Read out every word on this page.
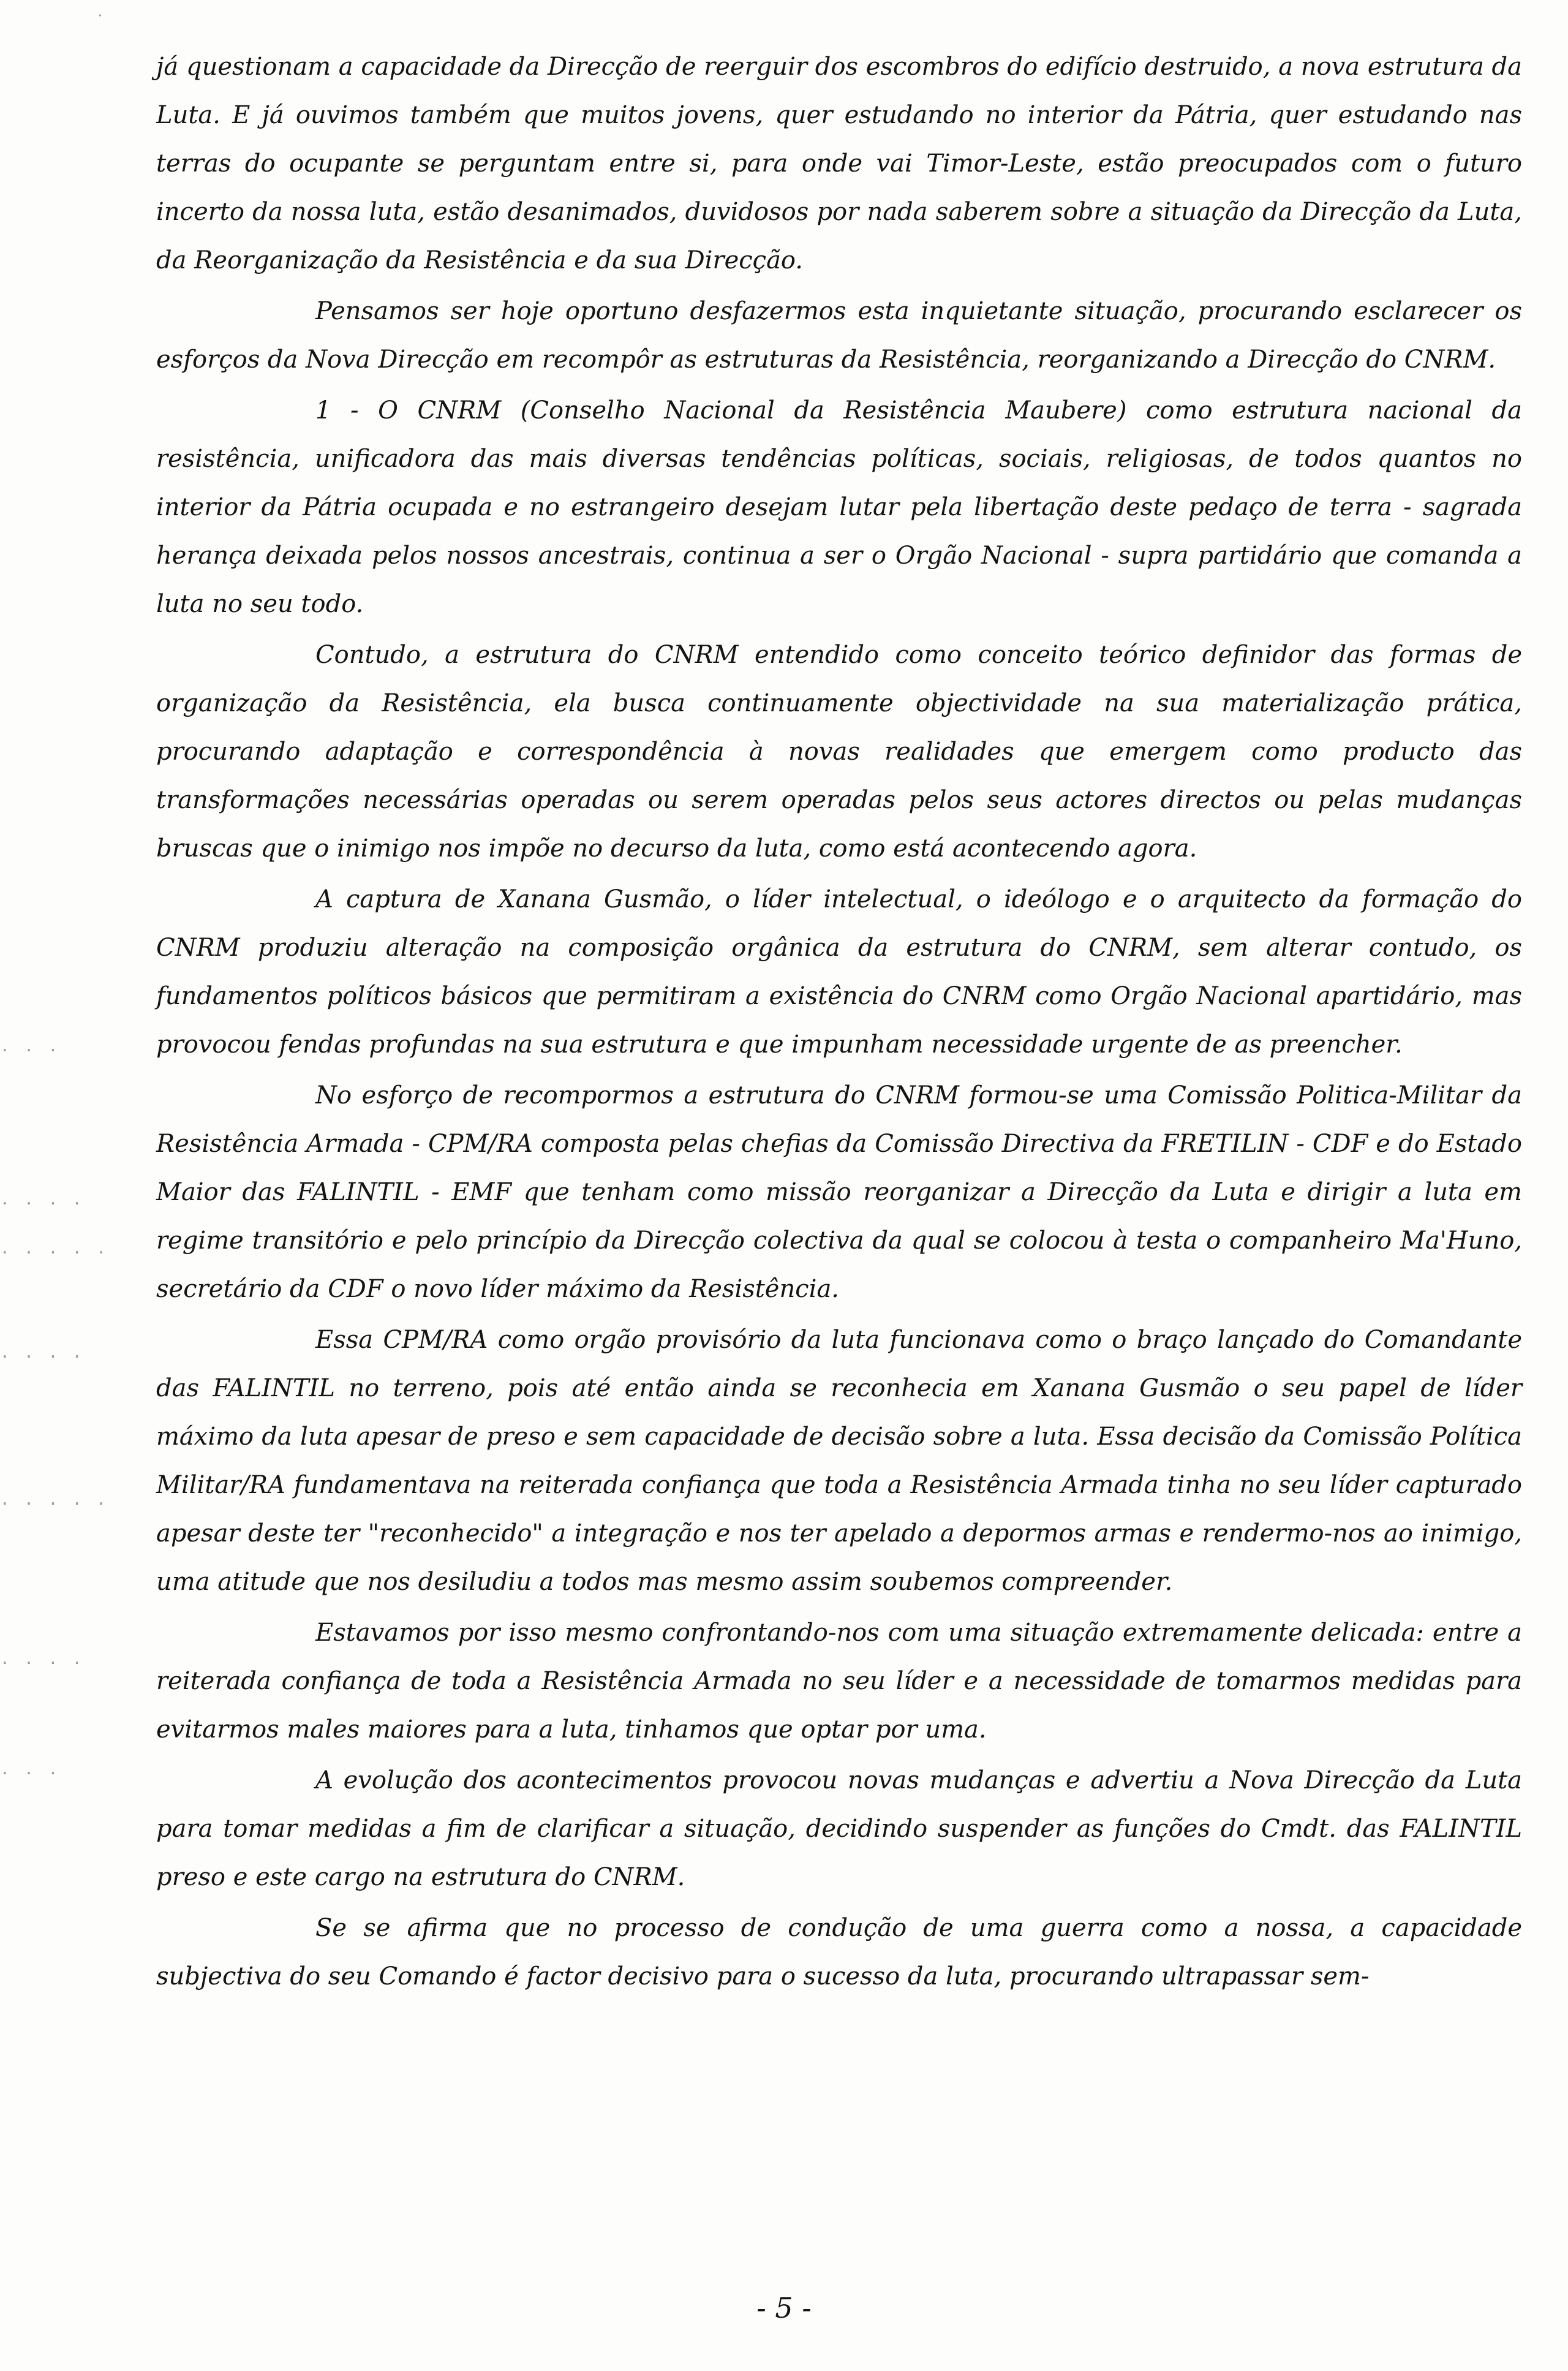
· · ·
· · · ·
· · · · ·
· · · ·
· · · · ·
· · · ·
· · ·
·

já questionam a capacidade da Direcção de reerguir dos escombros do edifício destruido, a nova estrutura da Luta. E já ouvimos também que muitos jovens, quer estudando no interior da Pátria, quer estudando nas terras do ocupante se perguntam entre si, para onde vai Timor-Leste, estão preocupados com o futuro incerto da nossa luta, estão desanimados, duvidosos por nada saberem sobre a situação da Direcção da Luta, da Reorganização da Resistência e da sua Direcção.

Pensamos ser hoje oportuno desfazermos esta inquietante situação, procurando esclarecer os esforços da Nova Direcção em recompôr as estruturas da Resistência, reorganizando a Direcção do CNRM.

1 - O CNRM (Conselho Nacional da Resistência Maubere) como estrutura nacional da resistência, unificadora das mais diversas tendências políticas, sociais, religiosas, de todos quantos no interior da Pátria ocupada e no estrangeiro desejam lutar pela libertação deste pedaço de terra - sagrada herança deixada pelos nossos ancestrais, continua a ser o Orgão Nacional - supra partidário que comanda a luta no seu todo.

Contudo, a estrutura do CNRM entendido como conceito teórico definidor das formas de organização da Resistência, ela busca continuamente objectividade na sua materialização prática, procurando adaptação e correspondência à novas realidades que emergem como producto das transformações necessárias operadas ou serem operadas pelos seus actores directos ou pelas mudanças bruscas que o inimigo nos impõe no decurso da luta, como está acontecendo agora.

A captura de Xanana Gusmão, o líder intelectual, o ideólogo e o arquitecto da formação do CNRM produziu alteração na composição orgânica da estrutura do CNRM, sem alterar contudo, os fundamentos políticos básicos que permitiram a existência do CNRM como Orgão Nacional apartidário, mas provocou fendas profundas na sua estrutura e que impunham necessidade urgente de as preencher.

No esforço de recompormos a estrutura do CNRM formou-se uma Comissão Politica-Militar da Resistência Armada - CPM/RA composta pelas chefias da Comissão Directiva da FRETILIN - CDF e do Estado Maior das FALINTIL - EMF que tenham como missão reorganizar a Direcção da Luta e dirigir a luta em regime transitório e pelo princípio da Direcção colectiva da qual se colocou à testa o companheiro Ma'Huno, secretário da CDF o novo líder máximo da Resistência.

Essa CPM/RA como orgão provisório da luta funcionava como o braço lançado do Comandante das FALINTIL no terreno, pois até então ainda se reconhecia em Xanana Gusmão o seu papel de líder máximo da luta apesar de preso e sem capacidade de decisão sobre a luta. Essa decisão da Comissão Política Militar/RA fundamentava na reiterada confiança que toda a Resistência Armada tinha no seu líder capturado apesar deste ter "reconhecido" a integração e nos ter apelado a depormos armas e rendermo-nos ao inimigo, uma atitude que nos desiludiu a todos mas mesmo assim soubemos compreender.

Estavamos por isso mesmo confrontando-nos com uma situação extremamente delicada: entre a reiterada confiança de toda a Resistência Armada no seu líder e a necessidade de tomarmos medidas para evitarmos males maiores para a luta, tinhamos que optar por uma.

A evolução dos acontecimentos provocou novas mudanças e advertiu a Nova Direcção da Luta para tomar medidas a fim de clarificar a situação, decidindo suspender as funções do Cmdt. das FALINTIL preso e este cargo na estrutura do CNRM.

Se se afirma que no processo de condução de uma guerra como a nossa, a capacidade subjectiva do seu Comando é factor decisivo para o sucesso da luta, procurando ultrapassar sem-

- 5 -
